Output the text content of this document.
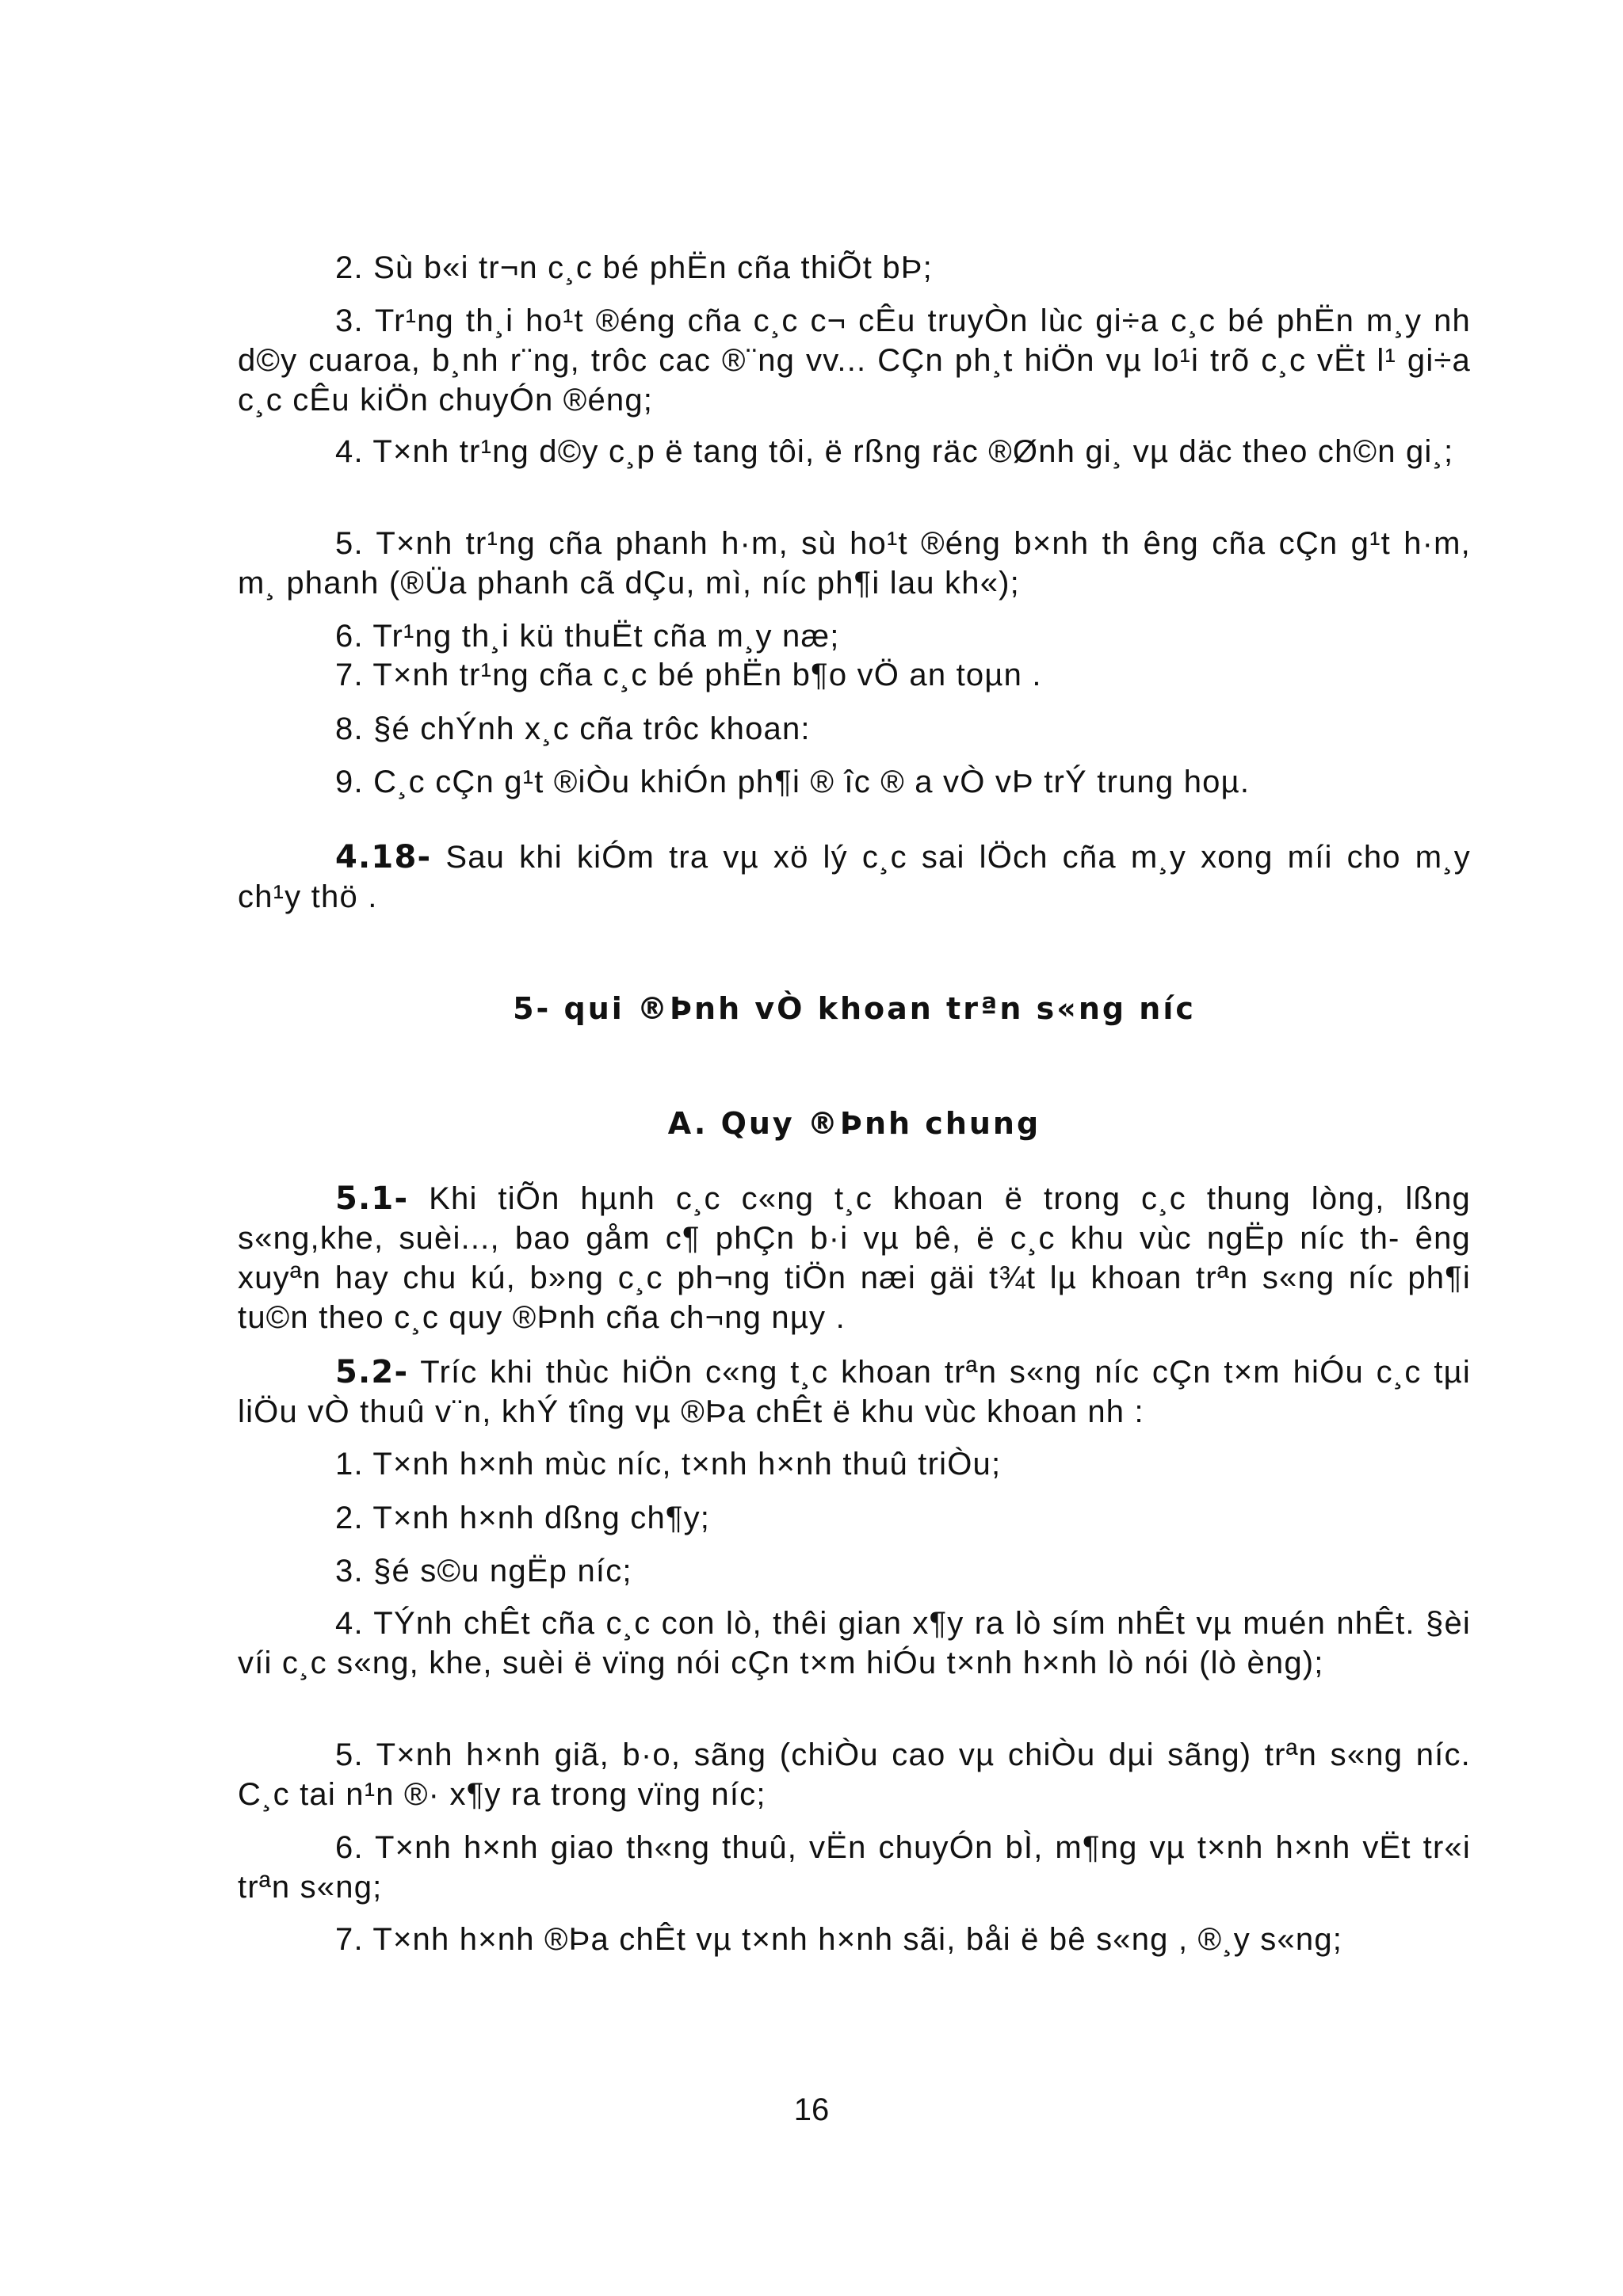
2. Sù b«i tr¬n c¸c bé phËn cña thiÕt bÞ;

3. Tr¹ng th¸i ho¹t ®éng cña c¸c c¬ cÊu truyÒn lùc gi÷a c¸c bé phËn m¸y nh d©y cuaroa, b¸nh r¨ng, trôc cac ®¨ng vv... CÇn ph¸t hiÖn vµ lo¹i trõ c¸c vËt l¹ gi÷a c¸c cÊu kiÖn chuyÓn ®éng;

4. T×nh tr¹ng d©y c¸p ë tang tôi, ë rßng räc ®Ønh gi¸ vµ däc theo ch©n gi¸;

5. T×nh tr¹ng cña phanh h·m, sù ho¹t ®éng b×nh th êng cña cÇn g¹t h·m, m¸ phanh (®Üa phanh cã dÇu, mì, níc ph¶i lau kh«);

6. Tr¹ng th¸i kü thuËt cña m¸y næ;

7. T×nh tr¹ng cña c¸c bé phËn b¶o vÖ an toµn .

8. §é chÝnh x¸c cña trôc khoan:

9. C¸c cÇn g¹t ®iÒu khiÓn ph¶i ® îc ® a vÒ vÞ trÝ trung hoµ.

4.18- Sau khi kiÓm tra vµ xö lý c¸c sai lÖch cña m¸y xong míi cho m¸y ch¹y thö .

5- qui ®Þnh vÒ khoan trªn s«ng níc
A. Quy ®Þnh chung

5.1- Khi tiÕn hµnh c¸c c«ng t¸c khoan ë trong c¸c thung lòng, lßng s«ng,khe, suèi..., bao gåm c¶ phÇn b·i vµ bê, ë c¸c khu vùc ngËp níc th- êng xuyªn hay chu kú, b»ng c¸c ph¬ng tiÖn næi gäi t¾t lµ khoan trªn s«ng níc ph¶i tu©n theo c¸c quy ®Þnh cña ch¬ng nµy .

5.2- Tríc khi thùc hiÖn c«ng t¸c khoan trªn s«ng níc cÇn t×m hiÓu c¸c tµi liÖu vÒ thuû v¨n, khÝ tîng vµ ®Þa chÊt ë khu vùc khoan nh :

1. T×nh h×nh mùc níc, t×nh h×nh thuû triÒu;

2. T×nh h×nh dßng ch¶y;

3. §é s©u ngËp níc;

4. TÝnh chÊt cña c¸c con lò, thêi gian x¶y ra lò sím nhÊt vµ muén nhÊt. §èi víi c¸c s«ng, khe, suèi ë vïng nói cÇn t×m hiÓu t×nh h×nh lò nói (lò èng);

5. T×nh h×nh giã, b·o, sãng (chiÒu cao vµ chiÒu dµi sãng) trªn s«ng níc. C¸c tai n¹n ®· x¶y ra trong vïng níc;

6. T×nh h×nh giao th«ng thuû, vËn chuyÓn bÌ, m¶ng vµ t×nh h×nh vËt tr«i trªn s«ng;

7. T×nh h×nh ®Þa chÊt vµ t×nh h×nh sãi, båi ë bê s«ng , ®¸y s«ng;

16
